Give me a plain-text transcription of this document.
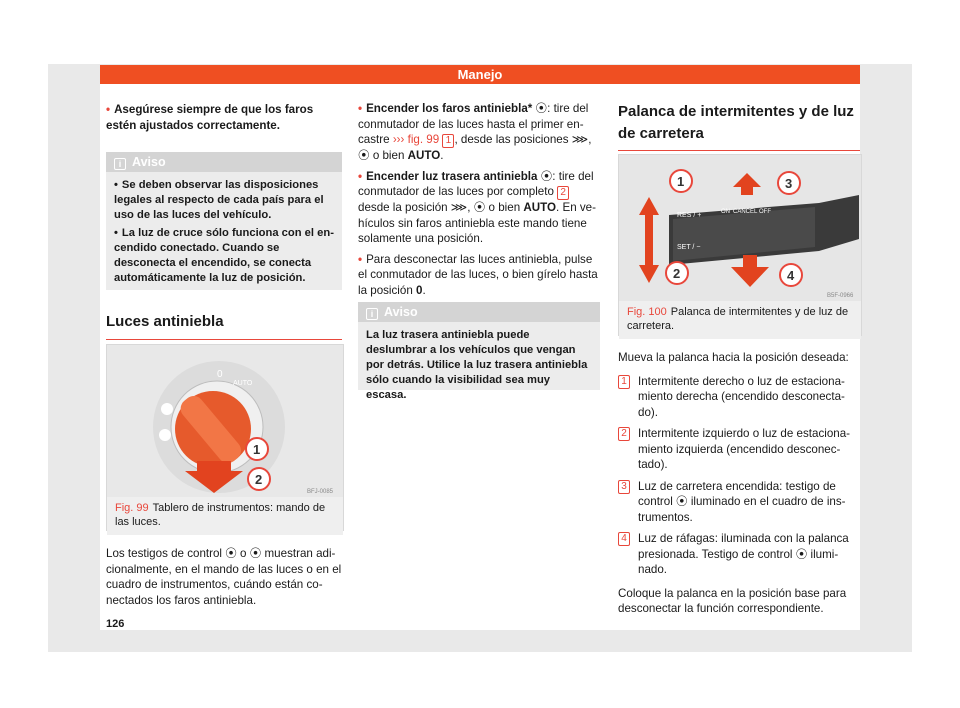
Manejo

• Asegúrese siempre de que los faros estén ajustados correctamente.

i Aviso

• Se deben observar las disposiciones legales al respecto de cada país para el uso de las luces del vehículo.

• La luz de cruce sólo funciona con el encendido conectado. Cuando se desconecta el encendido, se conecta automáticamente la luz de posición.

Luces antiniebla
1
2
0
AUTO
BFJ-0085
Fig. 99 Tablero de instrumentos: mando de las luces.

Los testigos de control ⦿ o ⦿ muestran adicionalmente, en el mando de las luces o en el cuadro de instrumentos, cuándo están conectados los faros antiniebla.

126

• Encender los faros antiniebla* ⦿: tire del conmutador de las luces hasta el primer encastre ››› fig. 99 1 , desde las posiciones ⋙, ⦿ o bien AUTO.

• Encender luz trasera antiniebla ⦿: tire del conmutador de las luces por completo 2 desde la posición ⋙, ⦿ o bien AUTO. En vehículos sin faros antiniebla este mando tiene solamente una posición.

• Para desconectar las luces antiniebla, pulse el conmutador de las luces, o bien gírelo hasta la posición 0.

i Aviso

La luz trasera antiniebla puede deslumbrar a los vehículos que vengan por detrás. Utilice la luz trasera antiniebla sólo cuando la visibilidad sea muy escasa.

Palanca de intermitentes y de luz de carretera
RES / +
SET / −
ON CANCEL OFF
1
2
3
4
B5F-0966
Fig. 100 Palanca de intermitentes y de luz de carretera.

Mueva la palanca hacia la posición deseada:

1 Intermitente derecho o luz de estacionamiento derecha (encendido desconectado).
2 Intermitente izquierdo o luz de estacionamiento izquierda (encendido desconectado).
3 Luz de carretera encendida: testigo de control ⦿ iluminado en el cuadro de instrumentos.
4 Luz de ráfagas: iluminada con la palanca presionada. Testigo de control ⦿ iluminado.

Coloque la palanca en la posición base para desconectar la función correspondiente.
